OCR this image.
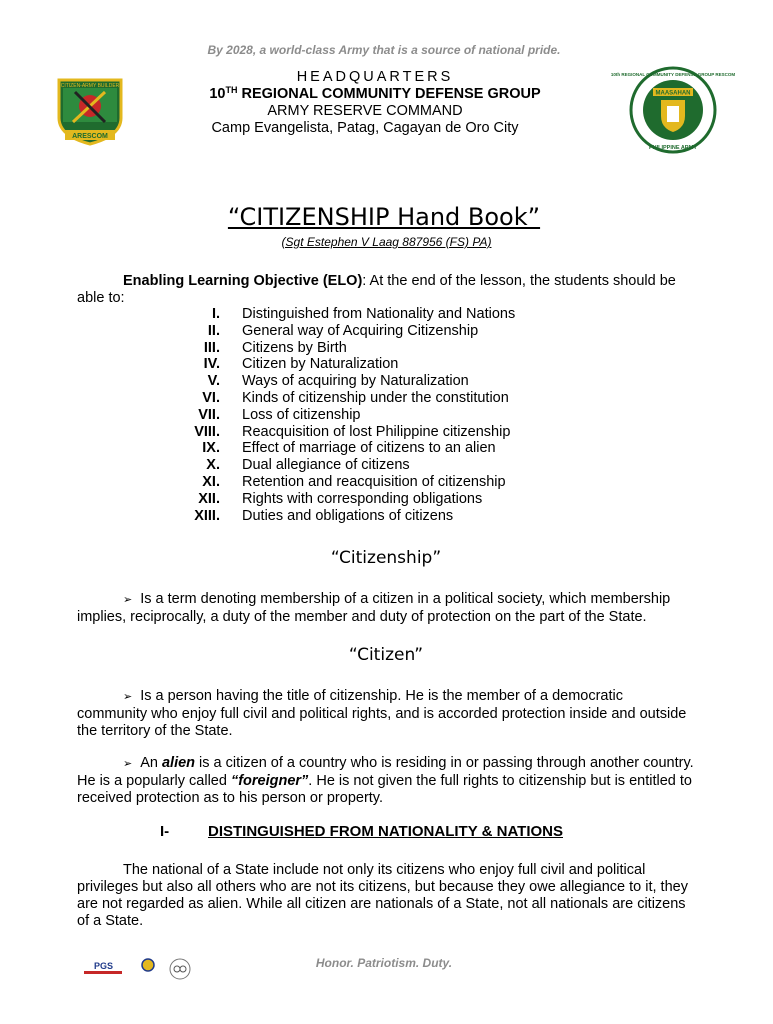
By 2028, a world-class Army that is a source of national pride.
CITIZEN-ARMY BUILDER
ARESCOM
MAASAHAN
10th REGIONAL COMMUNITY DEFENSE GROUP RESCOM
PHILIPPINE ARMY
HEADQUARTERS
10TH REGIONAL COMMUNITY DEFENSE GROUP
ARMY RESERVE COMMAND
Camp Evangelista, Patag, Cagayan de Oro City
“CITIZENSHIP Hand Book”
(Sgt Estephen V Laag 887956 (FS) PA)
Enabling Learning Objective (ELO): At the end of the lesson, the students should be able to:
I. Distinguished from Nationality and Nations
II. General way of Acquiring Citizenship
III. Citizens by Birth
IV. Citizen by Naturalization
V. Ways of acquiring by Naturalization
VI. Kinds of citizenship under the constitution
VII. Loss of citizenship
VIII. Reacquisition of lost Philippine citizenship
IX. Effect of marriage of citizens to an alien
X. Dual allegiance of citizens
XI. Retention and reacquisition of citizenship
XII. Rights with corresponding obligations
XIII. Duties and obligations of citizens
“Citizenship”
➢ Is a term denoting membership of a citizen in a political society, which membership implies, reciprocally, a duty of the member and duty of protection on the part of the State.
“Citizen”
➢ Is a person having the title of citizenship. He is the member of a democratic community who enjoy full civil and political rights, and is accorded protection inside and outside the territory of the State.
➢ An alien is a citizen of a country who is residing in or passing through another country. He is a popularly called “foreigner”. He is not given the full rights to citizenship but is entitled to received protection as to his person or property.
I-	DISTINGUISHED FROM NATIONALITY & NATIONS
The national of a State include not only its citizens who enjoy full civil and political privileges but also all others who are not its citizens, but because they owe allegiance to it, they are not regarded as alien. While all citizen are nationals of a State, not all nationals are citizens of a State.
PGS	Honor. Patriotism. Duty.
